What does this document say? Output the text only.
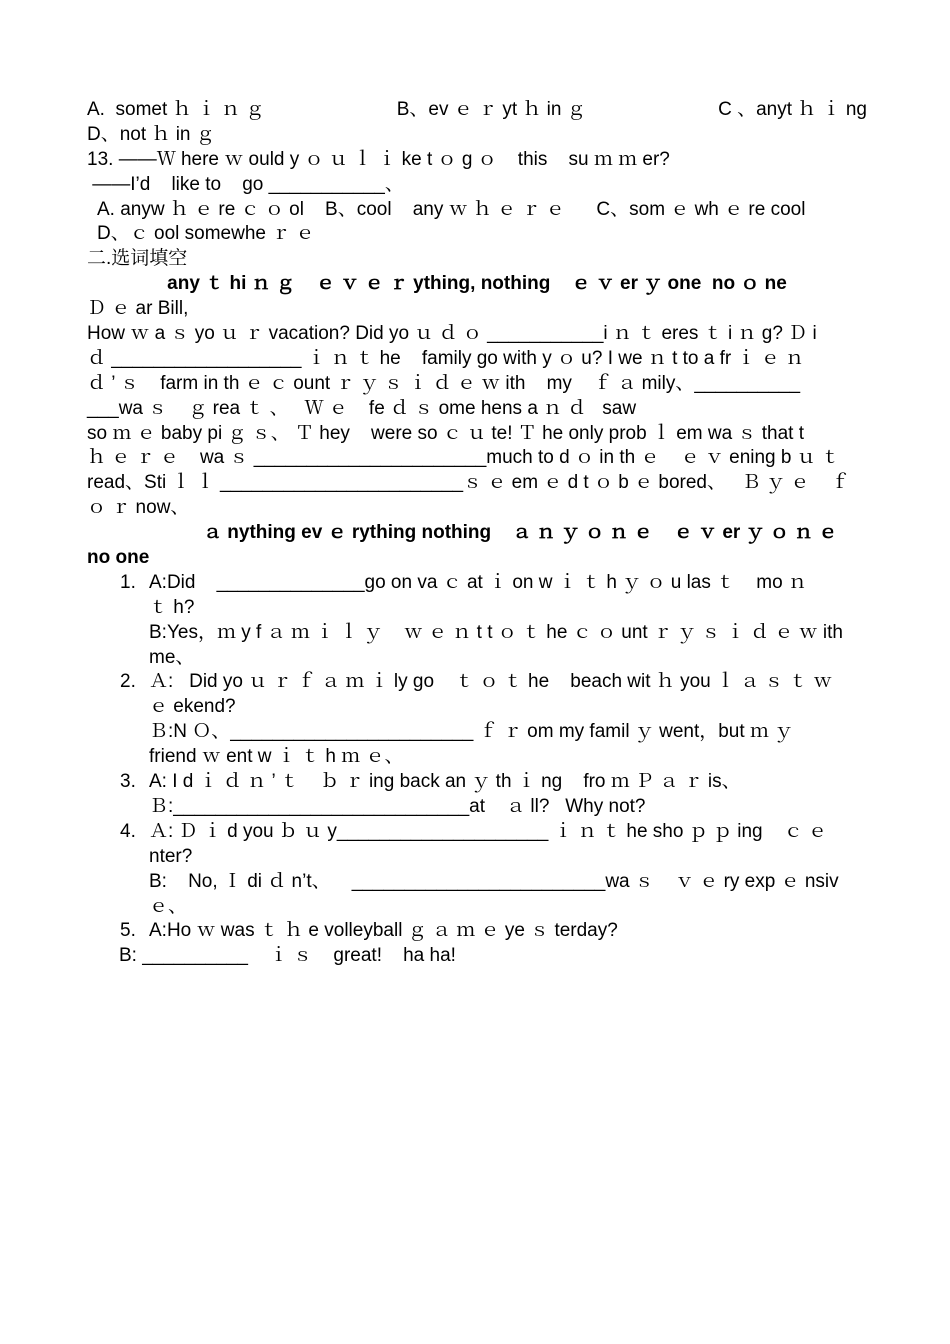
A.  somet ｈ ｉ ｎ ｇ	B、ev ｅ ｒ yt ｈ in ｇ	C 、anyt ｈ ｉ ng
D、not ｈ in ｇ
13. ——Ｗ here ｗ ould y ｏ ｕ ｌ ｉ ke t ｏ g ｏ    this    su ｍ ｍ er?
——I’d    like to    go ___________、
A. anyw ｈ ｅ re ｃ ｏ ol    B、cool    any ｗ ｈ ｅ ｒ ｅ      C、som ｅ wh ｅ re cool
D、ｃ ool somewhe ｒ ｅ
二.选词填空
any ｔ hi ｎ ｇ    ｅ ｖ ｅ ｒ ything, nothing    ｅ ｖ er ｙ one  no ｏ ne
Ｄ ｅ ar Bill,
How ｗ a ｓ yo ｕ ｒ vacation? Did yo ｕ ｄ ｏ ___________i ｎ ｔ eres ｔ i ｎ g? Ｄ i
ｄ __________________ ｉ ｎ ｔ he    family go with y ｏ u? I we ｎ t to a fr ｉ ｅ ｎ
ｄ ’ ｓ    farm in th ｅ ｃ ount ｒ ｙ ｓ ｉ ｄ ｅ ｗ ith    my    ｆ ａ mily、__________
___wa ｓ    ｇ rea ｔ 、   Ｗ ｅ    fe ｄ ｓ ome hens a ｎ ｄ   saw
so ｍ ｅ baby pi ｇ ｓ、 Ｔ hey    were so ｃ ｕ te! Ｔ he only prob ｌ em wa ｓ that t
ｈ ｅ ｒ ｅ    wa ｓ ______________________much to d ｏ in th ｅ    ｅ ｖ ening b ｕ ｔ
read、Sti ｌ ｌ _______________________ｓ ｅ em ｅ d t ｏ b ｅ bored、   Ｂ ｙ ｅ    ｆ
ｏ ｒ now、
ａ nything ev ｅ rything nothing    ａ ｎ ｙ ｏ ｎ ｅ    ｅ ｖ er ｙ ｏ ｎ ｅ
no one
1. A:Did    ______________go on va ｃ at ｉ on w ｉ ｔ h ｙ ｏ u las ｔ    mo ｎ
ｔ h?
B:Yes，ｍ y f ａ ｍ ｉ ｌ ｙ    ｗ ｅ ｎ t t ｏ ｔ he ｃ ｏ unt ｒ ｙ ｓ ｉ ｄ ｅ ｗ ith
me、
2. Ａ:   Did yo ｕ ｒ ｆ ａ ｍ ｉ ly go    ｔ ｏ ｔ he    beach wit ｈ you ｌ ａ ｓ ｔ ｗ
ｅ ekend?
Ｂ:N Ｏ、_______________________ ｆ ｒ om my famil ｙ went，but ｍ ｙ
friend ｗ ent w ｉ ｔ h ｍ ｅ、
3. A: I d ｉ ｄ ｎ ’ ｔ    ｂ ｒ ing back an ｙ th ｉ ng    fro ｍ Ｐ ａ ｒ is、
Ｂ:____________________________at    ａ ll?   Why not?
4. Ａ: Ｄ ｉ d you ｂ ｕ y____________________ ｉ ｎ ｔ he sho ｐ ｐ ing    ｃ ｅ
nter?
B:    No, Ｉ di ｄ n’t、    ________________________wa ｓ    ｖ ｅ ry exp ｅ nsiv
ｅ、
5. A:Ho ｗ was ｔ ｈ e volleyball ｇ ａ ｍ ｅ ye ｓ terday?
B: __________    ｉ ｓ    great!    ha ha!
